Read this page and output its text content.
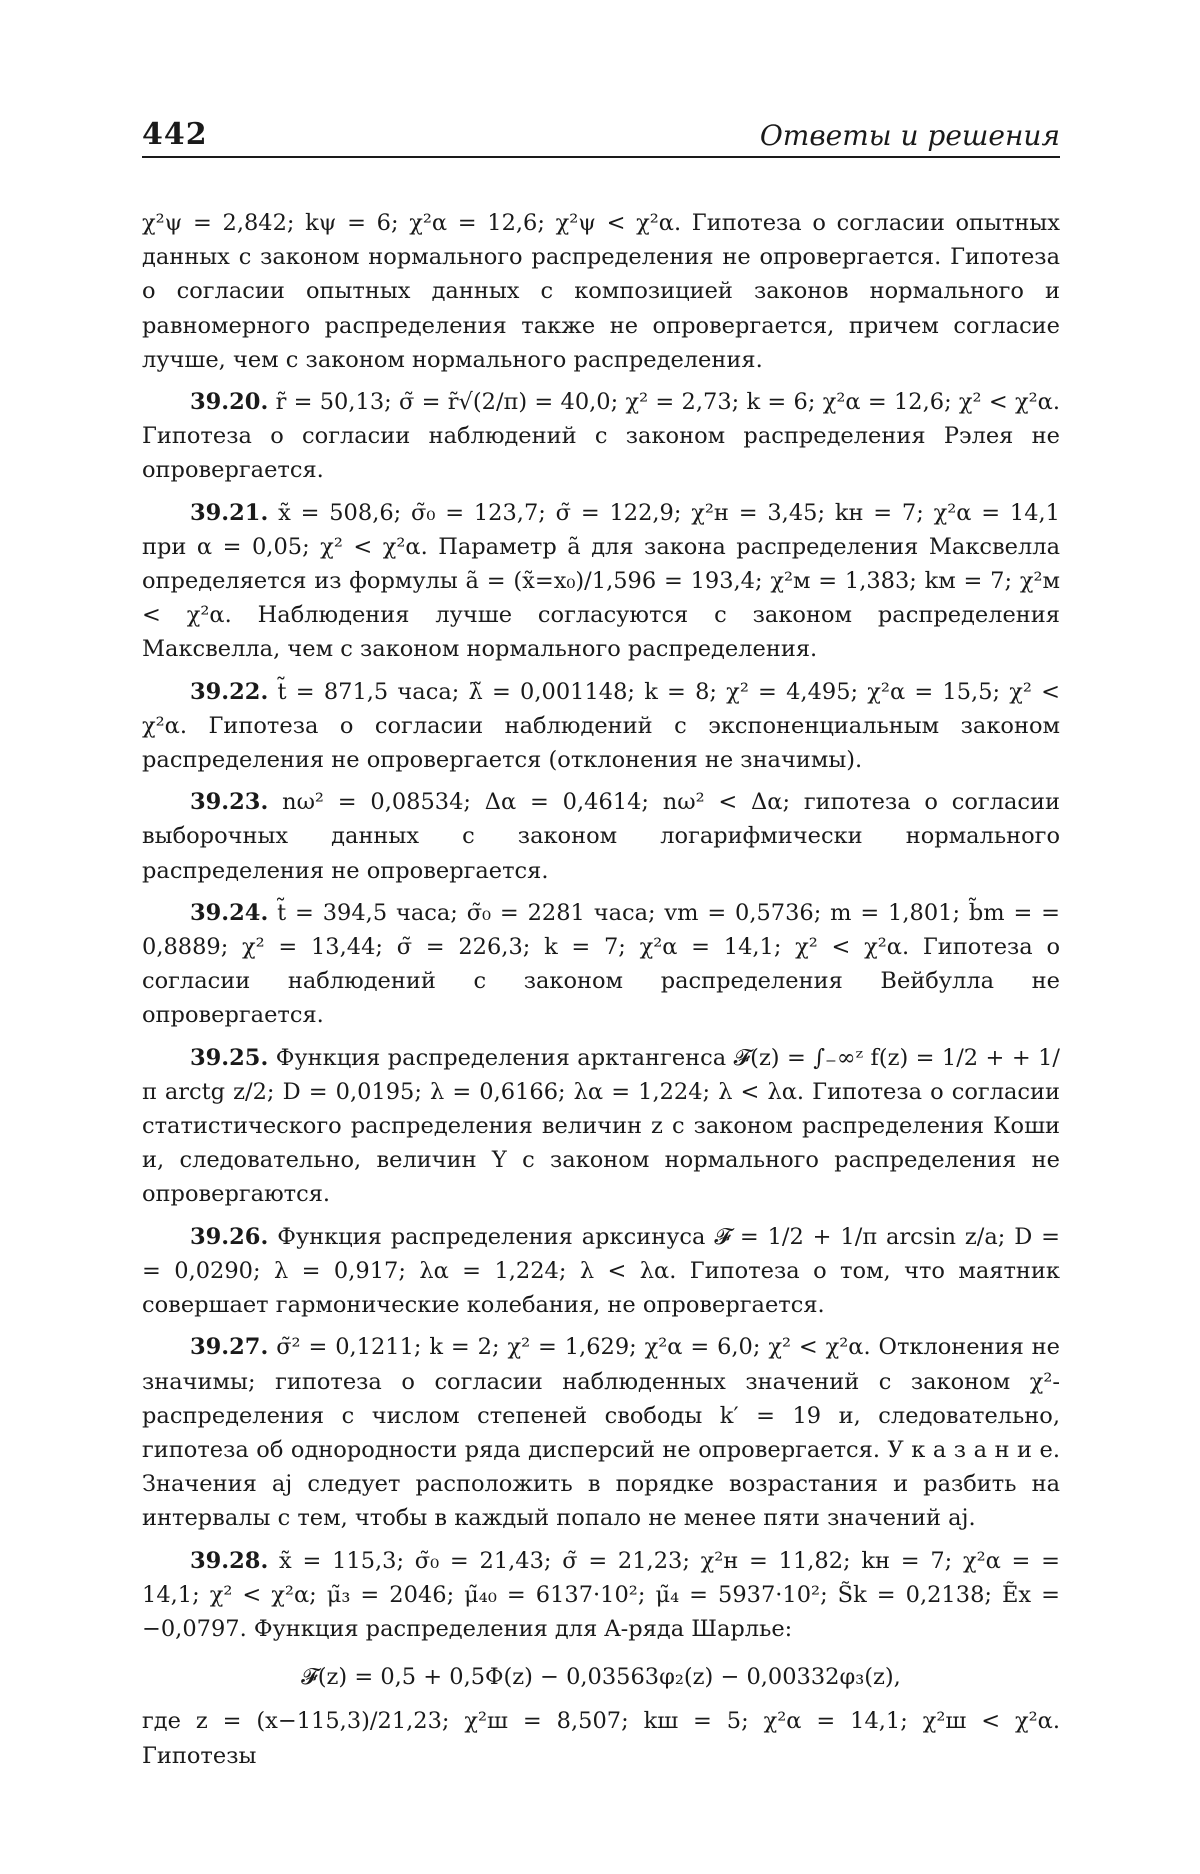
442	Ответы и решения

χ²ψ = 2,842; kψ = 6; χ²α = 12,6; χ²ψ < χ²α. Гипотеза о согласии опытных данных с законом нормального распределения не опровергается. Гипотеза о согласии опытных данных с композицией законов нормального и равномерного распределения также не опровергается, причем согласие лучше, чем с законом нормального распределения.

39.20. r̃ = 50,13; σ̃ = r̃√(2/π) = 40,0; χ² = 2,73; k = 6; χ²α = 12,6; χ² < χ²α. Гипотеза о согласии наблюдений с законом распределения Рэлея не опровергается.

39.21. x̃ = 508,6; σ̃₀ = 123,7; σ̃ = 122,9; χ²н = 3,45; kн = 7; χ²α = 14,1 при α = 0,05; χ² < χ²α. Параметр ã для закона распределения Максвелла определяется из формулы ã = (x̃=x₀)/1,596 = 193,4; χ²м = 1,383; kм = 7; χ²м < χ²α. Наблюдения лучше согласуются с законом распределения Максвелла, чем с законом нормального распределения.

39.22. t̃ = 871,5 часа; λ̃ = 0,001148; k = 8; χ² = 4,495; χ²α = 15,5; χ² < χ²α. Гипотеза о согласии наблюдений с экспоненциальным законом распределения не опровергается (отклонения не значимы).

39.23. nω² = 0,08534; Δα = 0,4614; nω² < Δα; гипотеза о согласии выборочных данных с законом логарифмически нормального распределения не опровергается.

39.24. t̃ = 394,5 часа; σ̃₀ = 2281 часа; vm = 0,5736; m = 1,801; b̃m = = 0,8889; χ² = 13,44; σ̃ = 226,3; k = 7; χ²α = 14,1; χ² < χ²α. Гипотеза о согласии наблюдений с законом распределения Вейбулла не опровергается.

39.25. Функция распределения арктангенса 𝓕(z) = ∫₋∞ᶻ f(z) = 1/2 + + 1/π arctg z/2; D = 0,0195; λ = 0,6166; λα = 1,224; λ < λα. Гипотеза о согласии статистического распределения величин z с законом распределения Коши и, следовательно, величин Y с законом нормального распределения не опровергаются.

39.26. Функция распределения арксинуса 𝓕 = 1/2 + 1/π arcsin z/a; D = = 0,0290; λ = 0,917; λα = 1,224; λ < λα. Гипотеза о том, что маятник совершает гармонические колебания, не опровергается.

39.27. σ̃² = 0,1211; k = 2; χ² = 1,629; χ²α = 6,0; χ² < χ²α. Отклонения не значимы; гипотеза о согласии наблюденных значений с законом χ²-распределения с числом степеней свободы k′ = 19 и, следовательно, гипотеза об однородности ряда дисперсий не опровергается. У к а з а н и е. Значения aj следует расположить в порядке возрастания и разбить на интервалы с тем, чтобы в каждый попало не менее пяти значений aj.

39.28. x̃ = 115,3; σ̃₀ = 21,43; σ̃ = 21,23; χ²н = 11,82; kн = 7; χ²α = = 14,1; χ² < χ²α; μ̃₃ = 2046; μ̃₄₀ = 6137·10²; μ̃₄ = 5937·10²; S̃k = 0,2138; Ẽx = −0,0797. Функция распределения для A-ряда Шарлье:

𝓕(z) = 0,5 + 0,5Φ(z) − 0,03563φ₂(z) − 0,00332φ₃(z),

где z = (x−115,3)/21,23; χ²ш = 8,507; kш = 5; χ²α = 14,1; χ²ш < χ²α. Гипотезы
